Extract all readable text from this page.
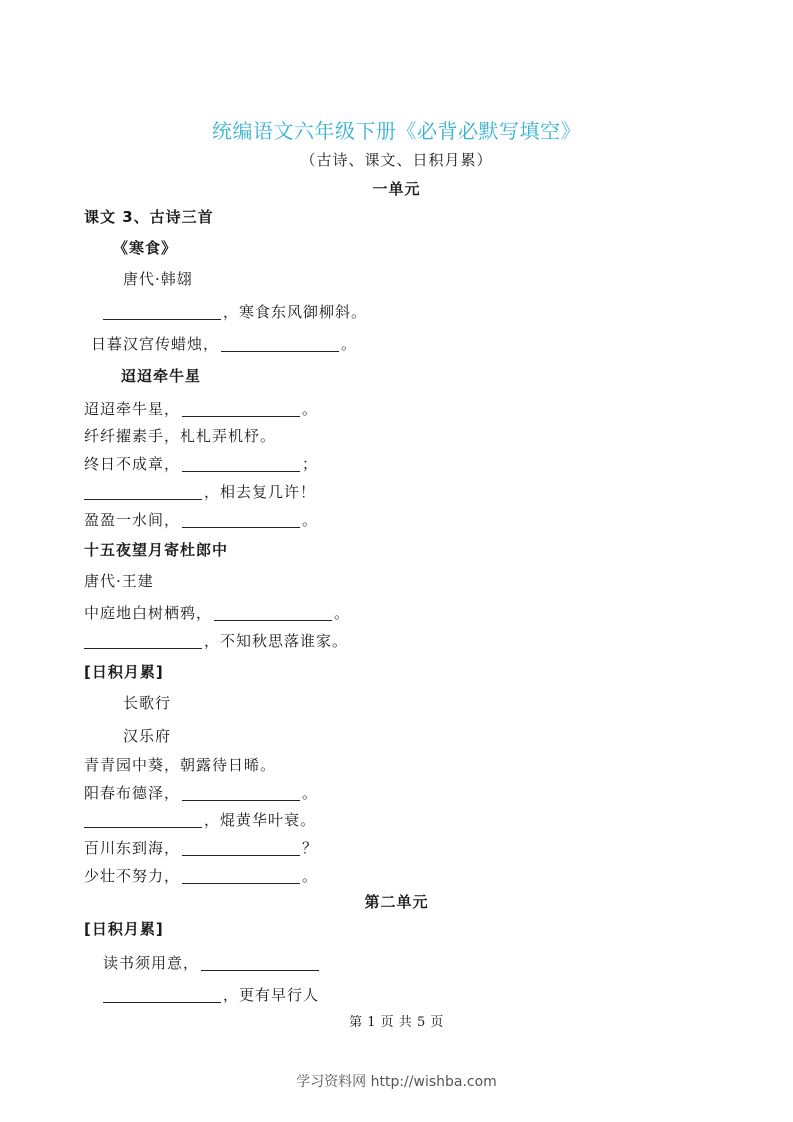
统编语文六年级下册《必背必默写填空》
（古诗、课文、日积月累）
一单元
课文 3、古诗三首
《寒食》
唐代·韩翃
，寒食东风御柳斜。
日暮汉宫传蜡烛，	。
迢迢牵牛星
迢迢牵牛星，	。
纤纤擢素手，札札弄机杼。
终日不成章，	；
，相去复几许！
盈盈一水间，	。
十五夜望月寄杜郎中
唐代·王建
中庭地白树栖鸦，	。
，不知秋思落谁家。
[日积月累]
长歌行
汉乐府
青青园中葵，朝露待日晞。
阳春布德泽，	。
，焜黄华叶衰。
百川东到海，	？
少壮不努力，	。
第二单元
[日积月累]
读书须用意，
，更有早行人
第 1 页 共 5 页
学习资料网 http://wishba.com
